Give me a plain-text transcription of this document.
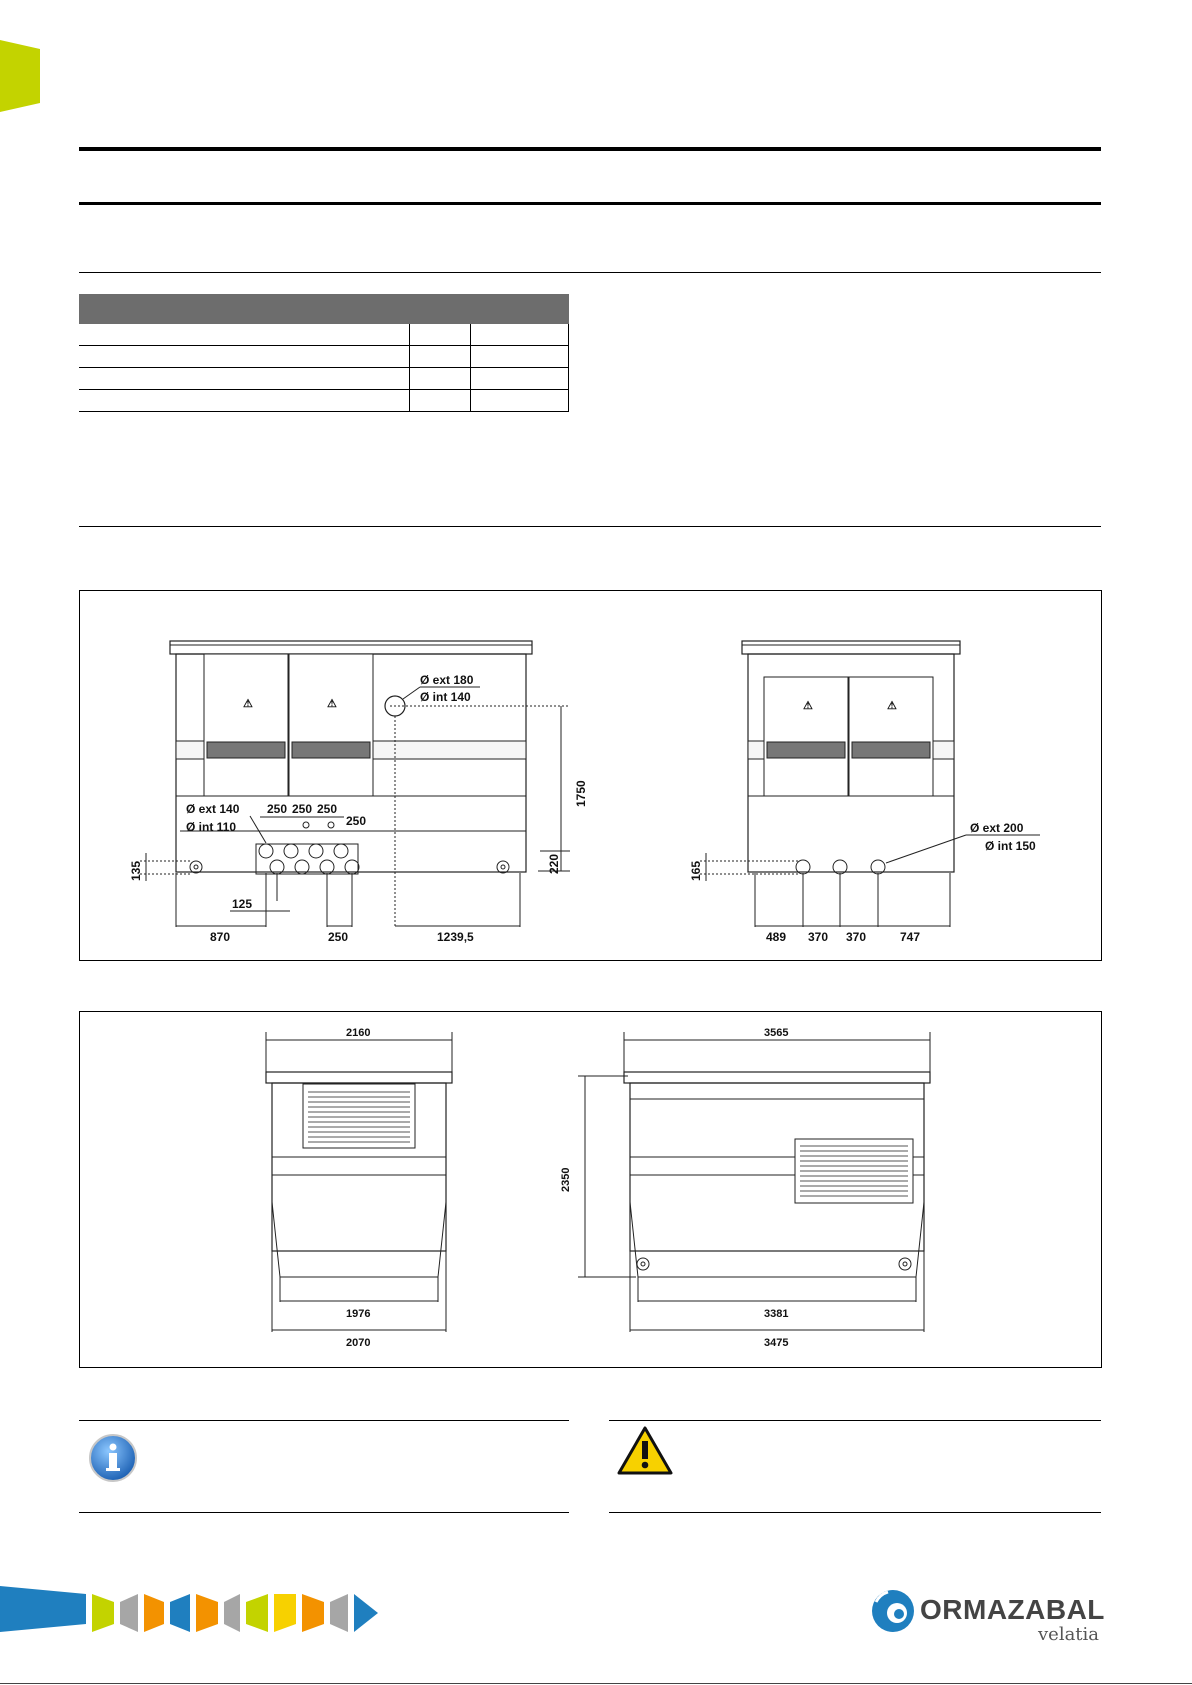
⚠	⚠
Ø ext 180
Ø int 140
Ø ext 140
Ø int 110
250 250 250
250
1750
220
135
125
870	250	1239,5
⚠	⚠
Ø ext 200
Ø int 150
165
489 370 370	747
2160
1976
2070
3565
2350
3381
3475
ORMAZABAL
velatia
